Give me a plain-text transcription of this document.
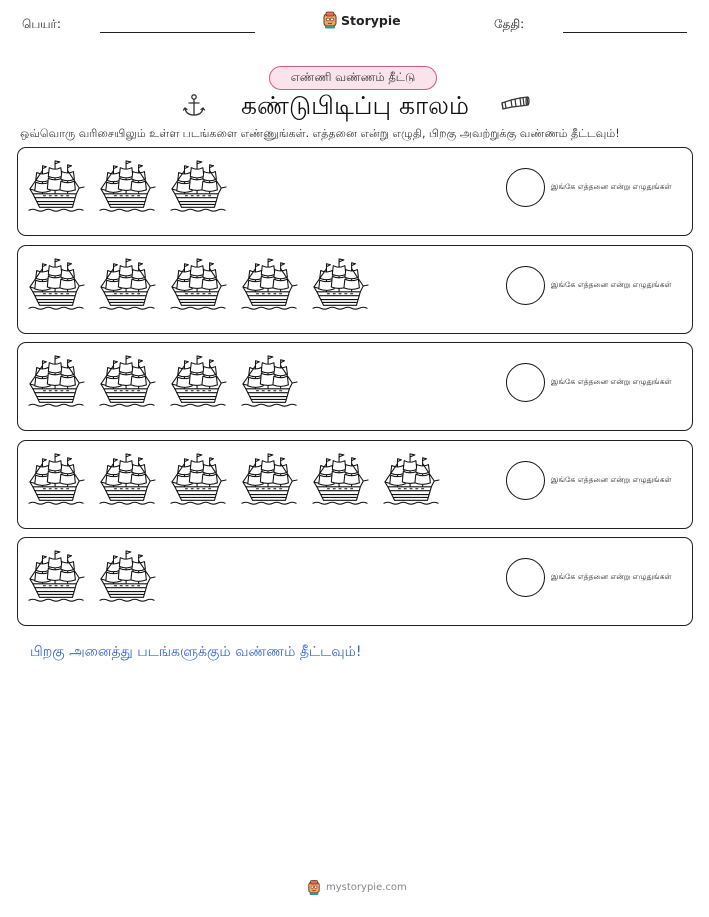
பெயர்:	Storypie	தேதி:
எண்ணி வண்ணம் தீட்டு
கண்டுபிடிப்பு காலம்
ஒவ்வொரு வரிசையிலும் உள்ள படங்களை எண்ணுங்கள். எத்தனை என்று எழுதி, பிறகு அவற்றுக்கு வண்ணம் தீட்டவும்!
இங்கே எத்தனை என்று எழுதுங்கள்
இங்கே எத்தனை என்று எழுதுங்கள்
இங்கே எத்தனை என்று எழுதுங்கள்
இங்கே எத்தனை என்று எழுதுங்கள்
இங்கே எத்தனை என்று எழுதுங்கள்
பிறகு அனைத்து படங்களுக்கும் வண்ணம் தீட்டவும்!
mystorypie.com
